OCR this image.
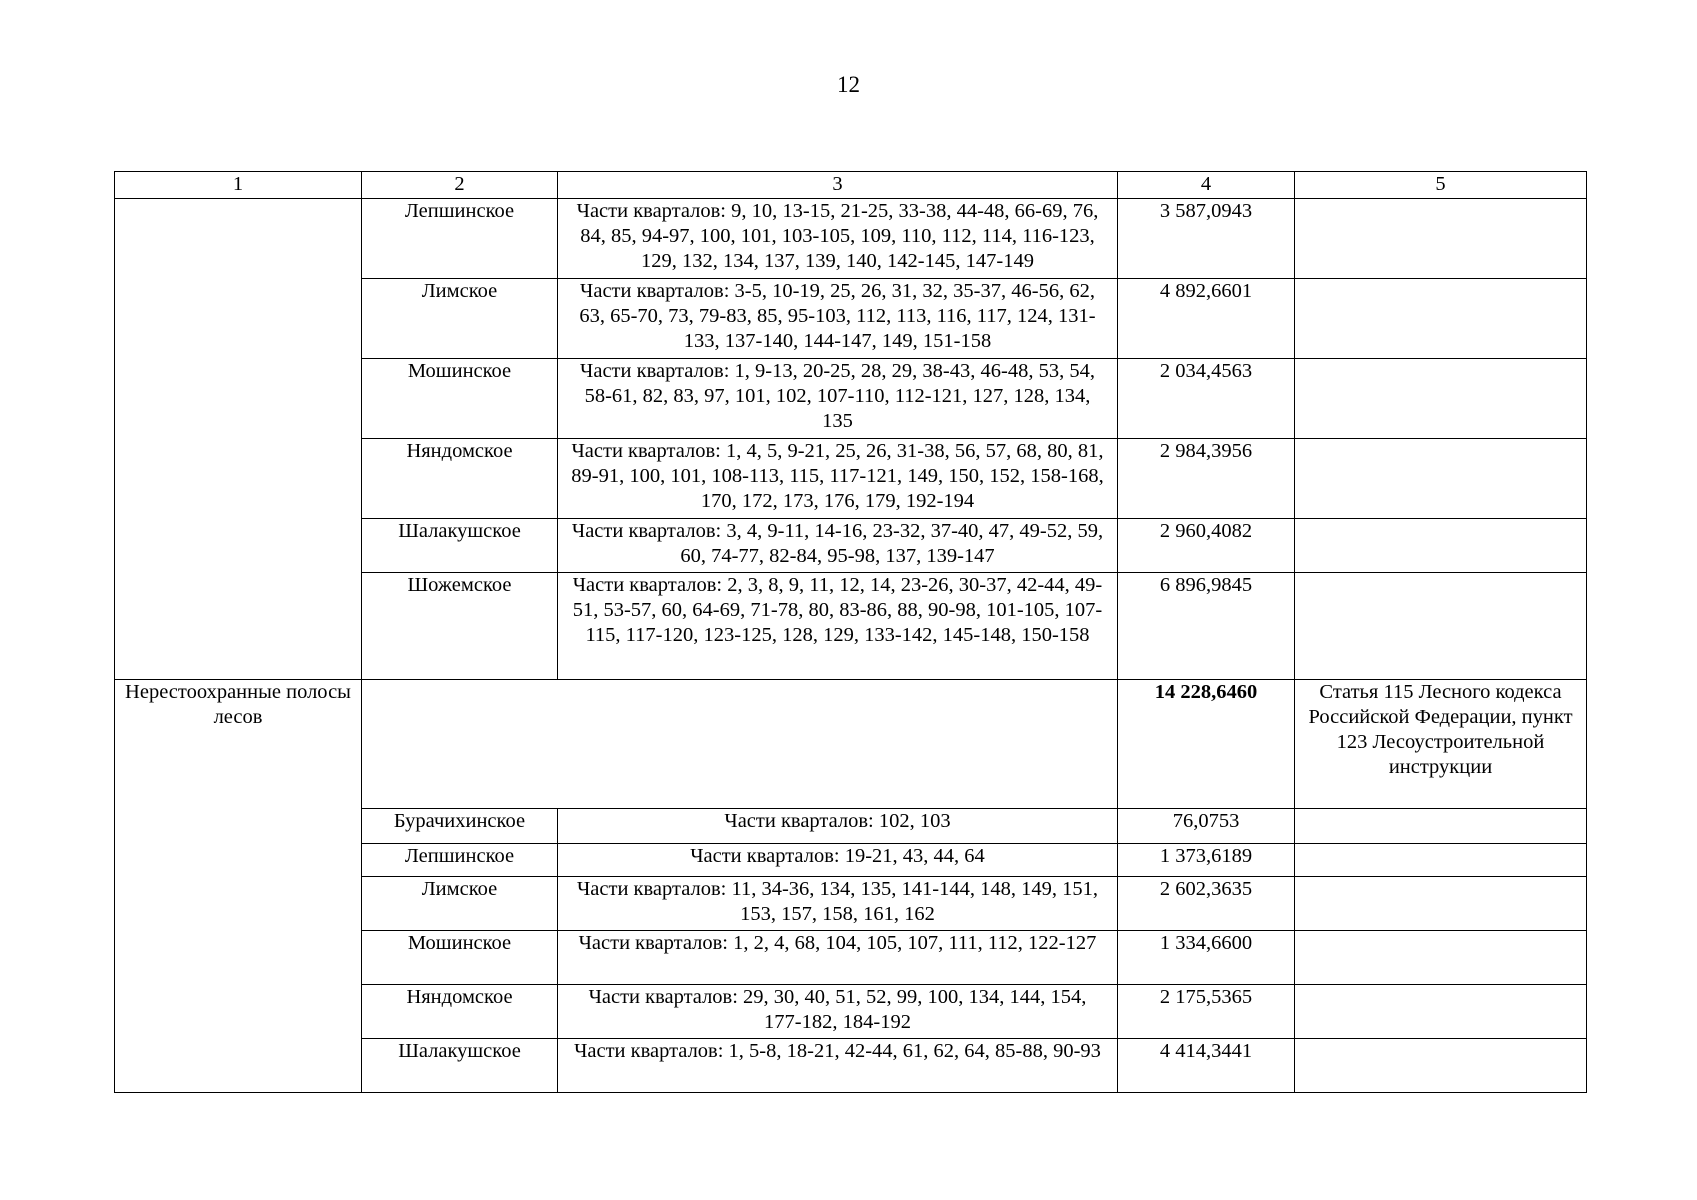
12
1	2	3	4	5
	Лепшинское	Части кварталов: 9, 10, 13-15, 21-25, 33-38, 44-48, 66-69, 76, 84, 85, 94-97, 100, 101, 103-105, 109, 110, 112, 114, 116-123, 129, 132, 134, 137, 139, 140, 142-145, 147-149	3 587,0943	
	Лимское	Части кварталов: 3-5, 10-19, 25, 26, 31, 32, 35-37, 46-56, 62, 63, 65-70, 73, 79-83, 85, 95-103, 112, 113, 116, 117, 124, 131-133, 137-140, 144-147, 149, 151-158	4 892,6601	
	Мошинское	Части кварталов: 1, 9-13, 20-25, 28, 29, 38-43, 46-48, 53, 54, 58-61, 82, 83, 97, 101, 102, 107-110, 112-121, 127, 128, 134, 135	2 034,4563	
	Няндомское	Части кварталов: 1, 4, 5, 9-21, 25, 26, 31-38, 56, 57, 68, 80, 81, 89-91, 100, 101, 108-113, 115, 117-121, 149, 150, 152, 158-168, 170, 172, 173, 176, 179, 192-194	2 984,3956	
	Шалакушское	Части кварталов: 3, 4, 9-11, 14-16, 23-32, 37-40, 47, 49-52, 59, 60, 74-77, 82-84, 95-98, 137, 139-147	2 960,4082	
	Шожемское	Части кварталов: 2, 3, 8, 9, 11, 12, 14, 23-26, 30-37, 42-44, 49-51, 53-57, 60, 64-69, 71-78, 80, 83-86, 88, 90-98, 101-105, 107-115, 117-120, 123-125, 128, 129, 133-142, 145-148, 150-158	6 896,9845	
Нерестоохранные полосы лесов			14 228,6460	Статья 115 Лесного кодекса Российской Федерации, пункт 123 Лесоустроительной инструкции
	Бурачихинское	Части кварталов: 102, 103	76,0753	
	Лепшинское	Части кварталов: 19-21, 43, 44, 64	1 373,6189	
	Лимское	Части кварталов: 11, 34-36, 134, 135, 141-144, 148, 149, 151, 153, 157, 158, 161, 162	2 602,3635	
	Мошинское	Части кварталов: 1, 2, 4, 68, 104, 105, 107, 111, 112, 122-127	1 334,6600	
	Няндомское	Части кварталов: 29, 30, 40, 51, 52, 99, 100, 134, 144, 154, 177-182, 184-192	2 175,5365	
	Шалакушское	Части кварталов: 1, 5-8, 18-21, 42-44, 61, 62, 64, 85-88, 90-93	4 414,3441	
